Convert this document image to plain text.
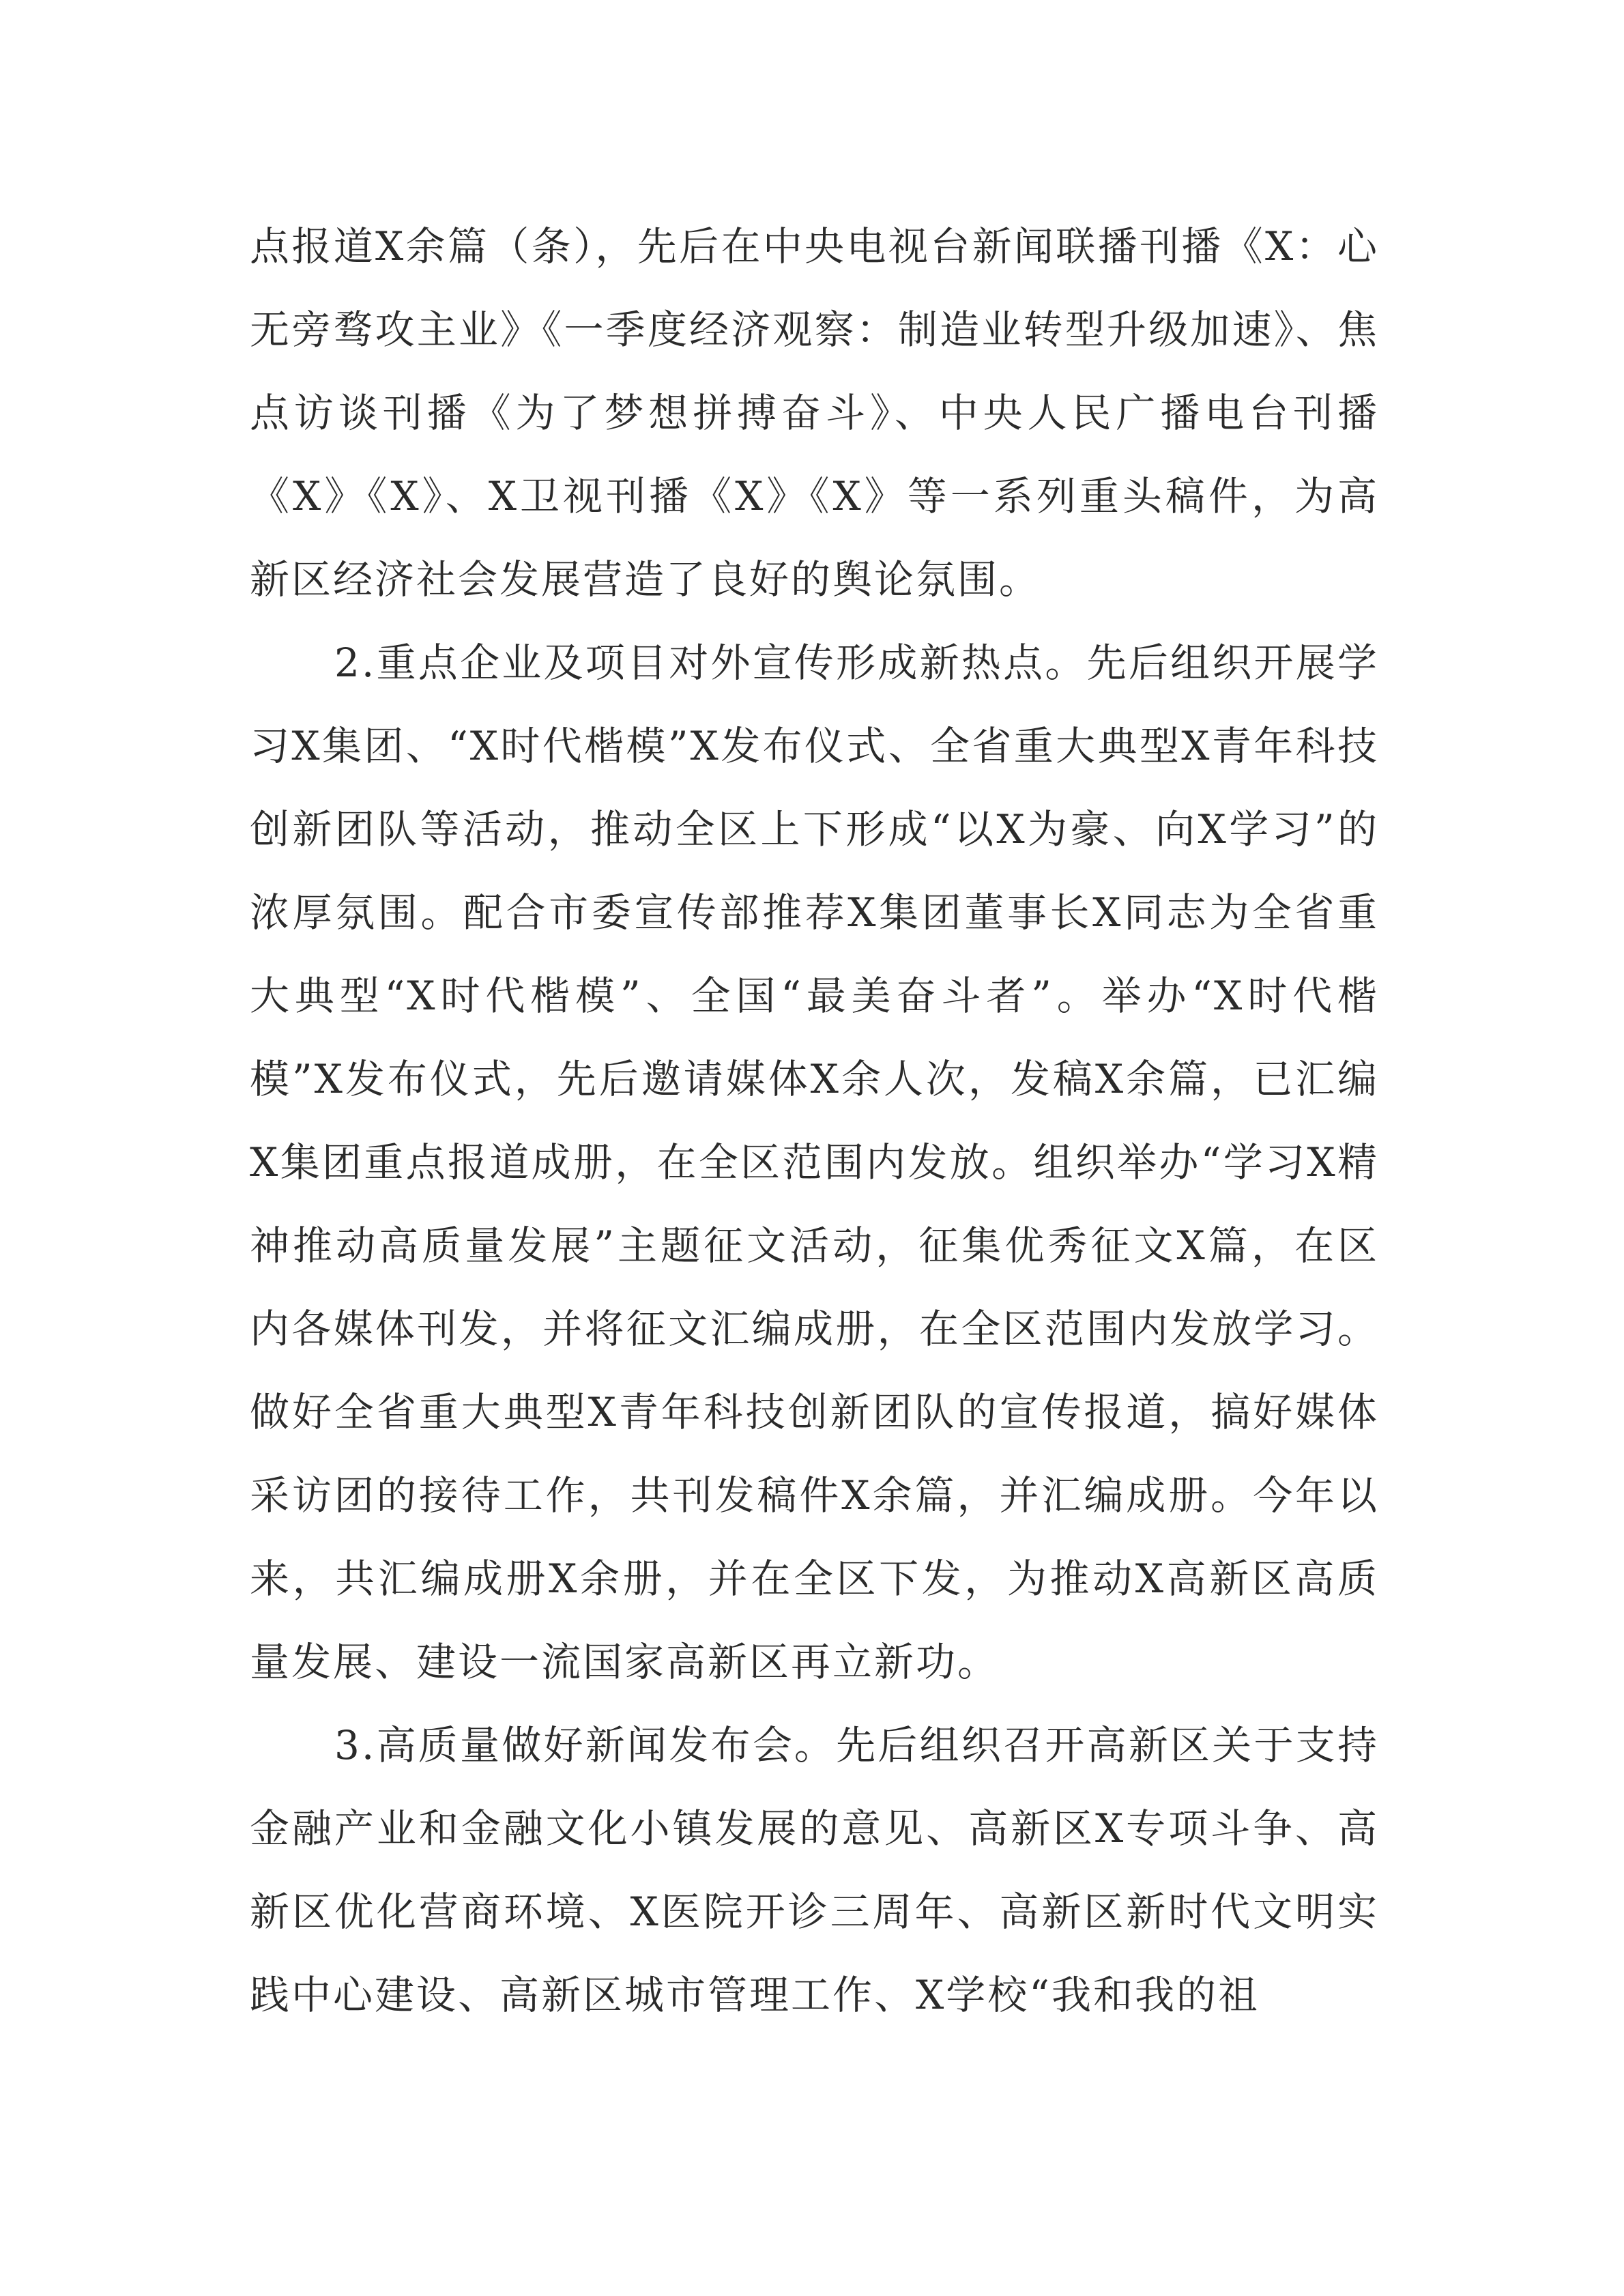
点报道X余篇（条），先后在中央电视台新闻联播刊播《X：心无旁骛攻主业》《一季度经济观察：制造业转型升级加速》、焦点访谈刊播《为了梦想拼搏奋斗》、中央人民广播电台刊播《X》《X》、X卫视刊播《X》《X》等一系列重头稿件，为高新区经济社会发展营造了良好的舆论氛围。

2.重点企业及项目对外宣传形成新热点。先后组织开展学习X集团、“X时代楷模”X发布仪式、全省重大典型X青年科技创新团队等活动，推动全区上下形成“以X为豪、向X学习”的浓厚氛围。配合市委宣传部推荐X集团董事长X同志为全省重大典型“X时代楷模”、全国“最美奋斗者”。举办“X时代楷模”X发布仪式，先后邀请媒体X余人次，发稿X余篇，已汇编X集团重点报道成册，在全区范围内发放。组织举办“学习X精神推动高质量发展”主题征文活动，征集优秀征文X篇，在区内各媒体刊发，并将征文汇编成册，在全区范围内发放学习。做好全省重大典型X青年科技创新团队的宣传报道，搞好媒体采访团的接待工作，共刊发稿件X余篇，并汇编成册。今年以来，共汇编成册X余册，并在全区下发，为推动X高新区高质量发展、建设一流国家高新区再立新功。

3.高质量做好新闻发布会。先后组织召开高新区关于支持金融产业和金融文化小镇发展的意见、高新区X专项斗争、高新区优化营商环境、X医院开诊三周年、高新区新时代文明实践中心建设、高新区城市管理工作、X学校“我和我的祖
